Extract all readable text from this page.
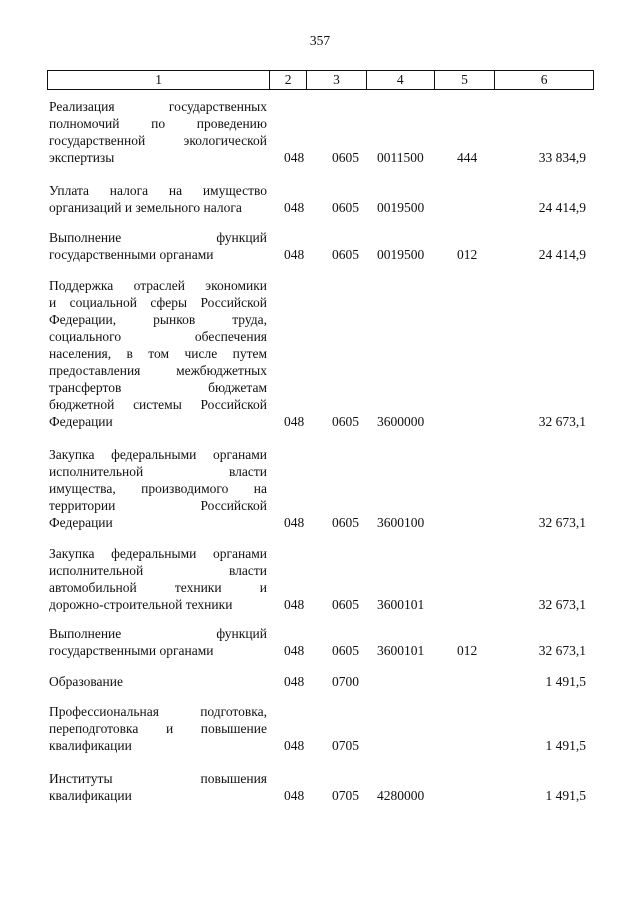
357
1	2	3	4	5	6
Реализация государственных
полномочий по проведению
государственной экологической
экспертизы	048 0605 0011500 444	33 834,9
Уплата налога на имущество
организаций и земельного налога	048 0605 0019500	24 414,9
Выполнение функций
государственными органами	048 0605 0019500 012	24 414,9
Поддержка отраслей экономики
и социальной сферы Российской
Федерации, рынков труда,
социального обеспечения
населения, в том числе путем
предоставления межбюджетных
трансфертов бюджетам
бюджетной системы Российской
Федерации	048 0605 3600000	32 673,1
Закупка федеральными органами
исполнительной власти
имущества, производимого на
территории Российской
Федерации	048 0605 3600100	32 673,1
Закупка федеральными органами
исполнительной власти
автомобильной техники и
дорожно-строительной техники	048 0605 3600101	32 673,1
Выполнение функций
государственными органами	048 0605 3600101 012	32 673,1
Образование	048 0700	1 491,5
Профессиональная подготовка,
переподготовка и повышение
квалификации	048 0705	1 491,5
Институты повышения
квалификации	048 0705 4280000	1 491,5
